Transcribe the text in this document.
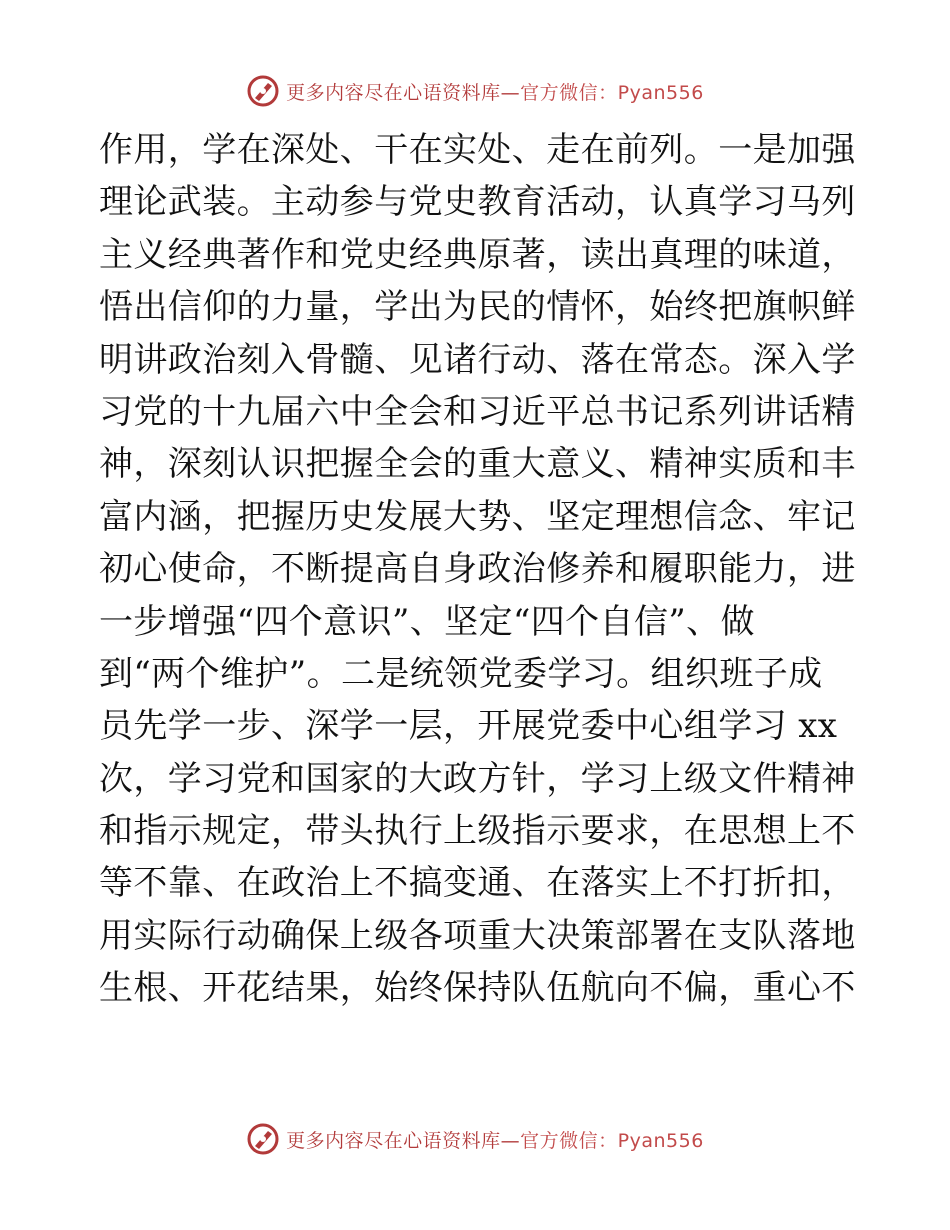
更多内容尽在心语资料库—官方微信：Pyan556
作用，学在深处、干在实处、走在前列。一是加强
理论武装。主动参与党史教育活动，认真学习马列
主义经典著作和党史经典原著，读出真理的味道，
悟出信仰的力量，学出为民的情怀，始终把旗帜鲜
明讲政治刻入骨髓、见诸行动、落在常态。深入学
习党的十九届六中全会和习近平总书记系列讲话精
神，深刻认识把握全会的重大意义、精神实质和丰
富内涵，把握历史发展大势、坚定理想信念、牢记
初心使命，不断提高自身政治修养和履职能力，进
一步增强“四个意识”、坚定“四个自信”、做
到“两个维护”。二是统领党委学习。组织班子成
员先学一步、深学一层，开展党委中心组学习 xx
次，学习党和国家的大政方针，学习上级文件精神
和指示规定，带头执行上级指示要求，在思想上不
等不靠、在政治上不搞变通、在落实上不打折扣，
用实际行动确保上级各项重大决策部署在支队落地
生根、开花结果，始终保持队伍航向不偏，重心不
更多内容尽在心语资料库—官方微信：Pyan556
